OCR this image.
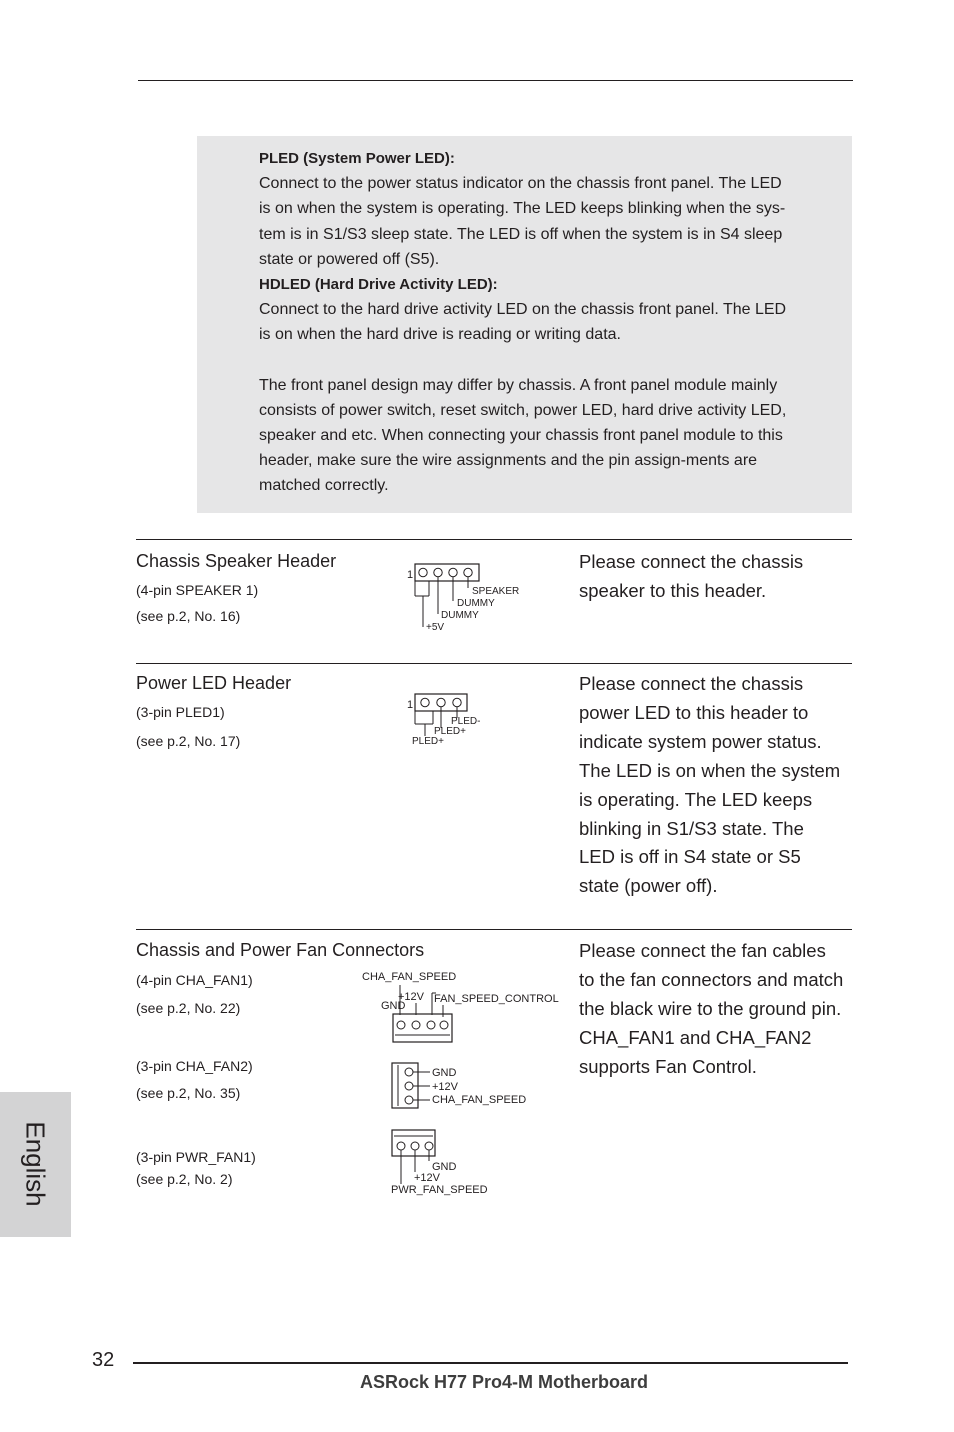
PLED (System Power LED):

Connect to the power status indicator on the chassis front panel. The LED

is on when the system is operating. The LED keeps blinking when the sys-

tem is in S1/S3 sleep state. The LED is off when the system is in S4 sleep

state or powered off (S5).

HDLED (Hard Drive Activity LED):

Connect to the hard drive activity LED on the chassis front panel. The LED

is on when the hard drive is reading or writing data.

The front panel design may differ by chassis. A front panel module mainly

consists of power switch, reset switch, power LED, hard drive activity LED,

speaker and etc. When connecting your chassis front panel module to this

header, make sure the wire assignments and the pin assign-ments are

matched correctly.

Chassis Speaker Header
(4-pin SPEAKER 1)
(see p.2, No. 16)
1
SPEAKER
DUMMY
DUMMY
+5V
Please connect the chassis
speaker to this header.
Power LED Header
(3-pin PLED1)
(see p.2, No. 17)
1
PLED-
PLED+
PLED+
Please connect the chassis
power LED to this header to
indicate system power status.
The LED is on when the system
is operating. The LED keeps
blinking in S1/S3 state. The
LED is off in S4 state or S5
state (power off).
Chassis and Power Fan Connectors
(4-pin CHA_FAN1)
(see p.2, No. 22)
(3-pin CHA_FAN2)
(see p.2, No. 35)
(3-pin PWR_FAN1)
(see p.2, No. 2)
CHA_FAN_SPEED
+12V FAN_SPEED_CONTROL
GND
GND
+12V
CHA_FAN_SPEED
GND
+12V
PWR_FAN_SPEED
Please connect the fan cables
to the fan connectors and match
the black wire to the ground pin.
CHA_FAN1 and CHA_FAN2
supports Fan Control.
English
32
ASRock H77 Pro4-M Motherboard
